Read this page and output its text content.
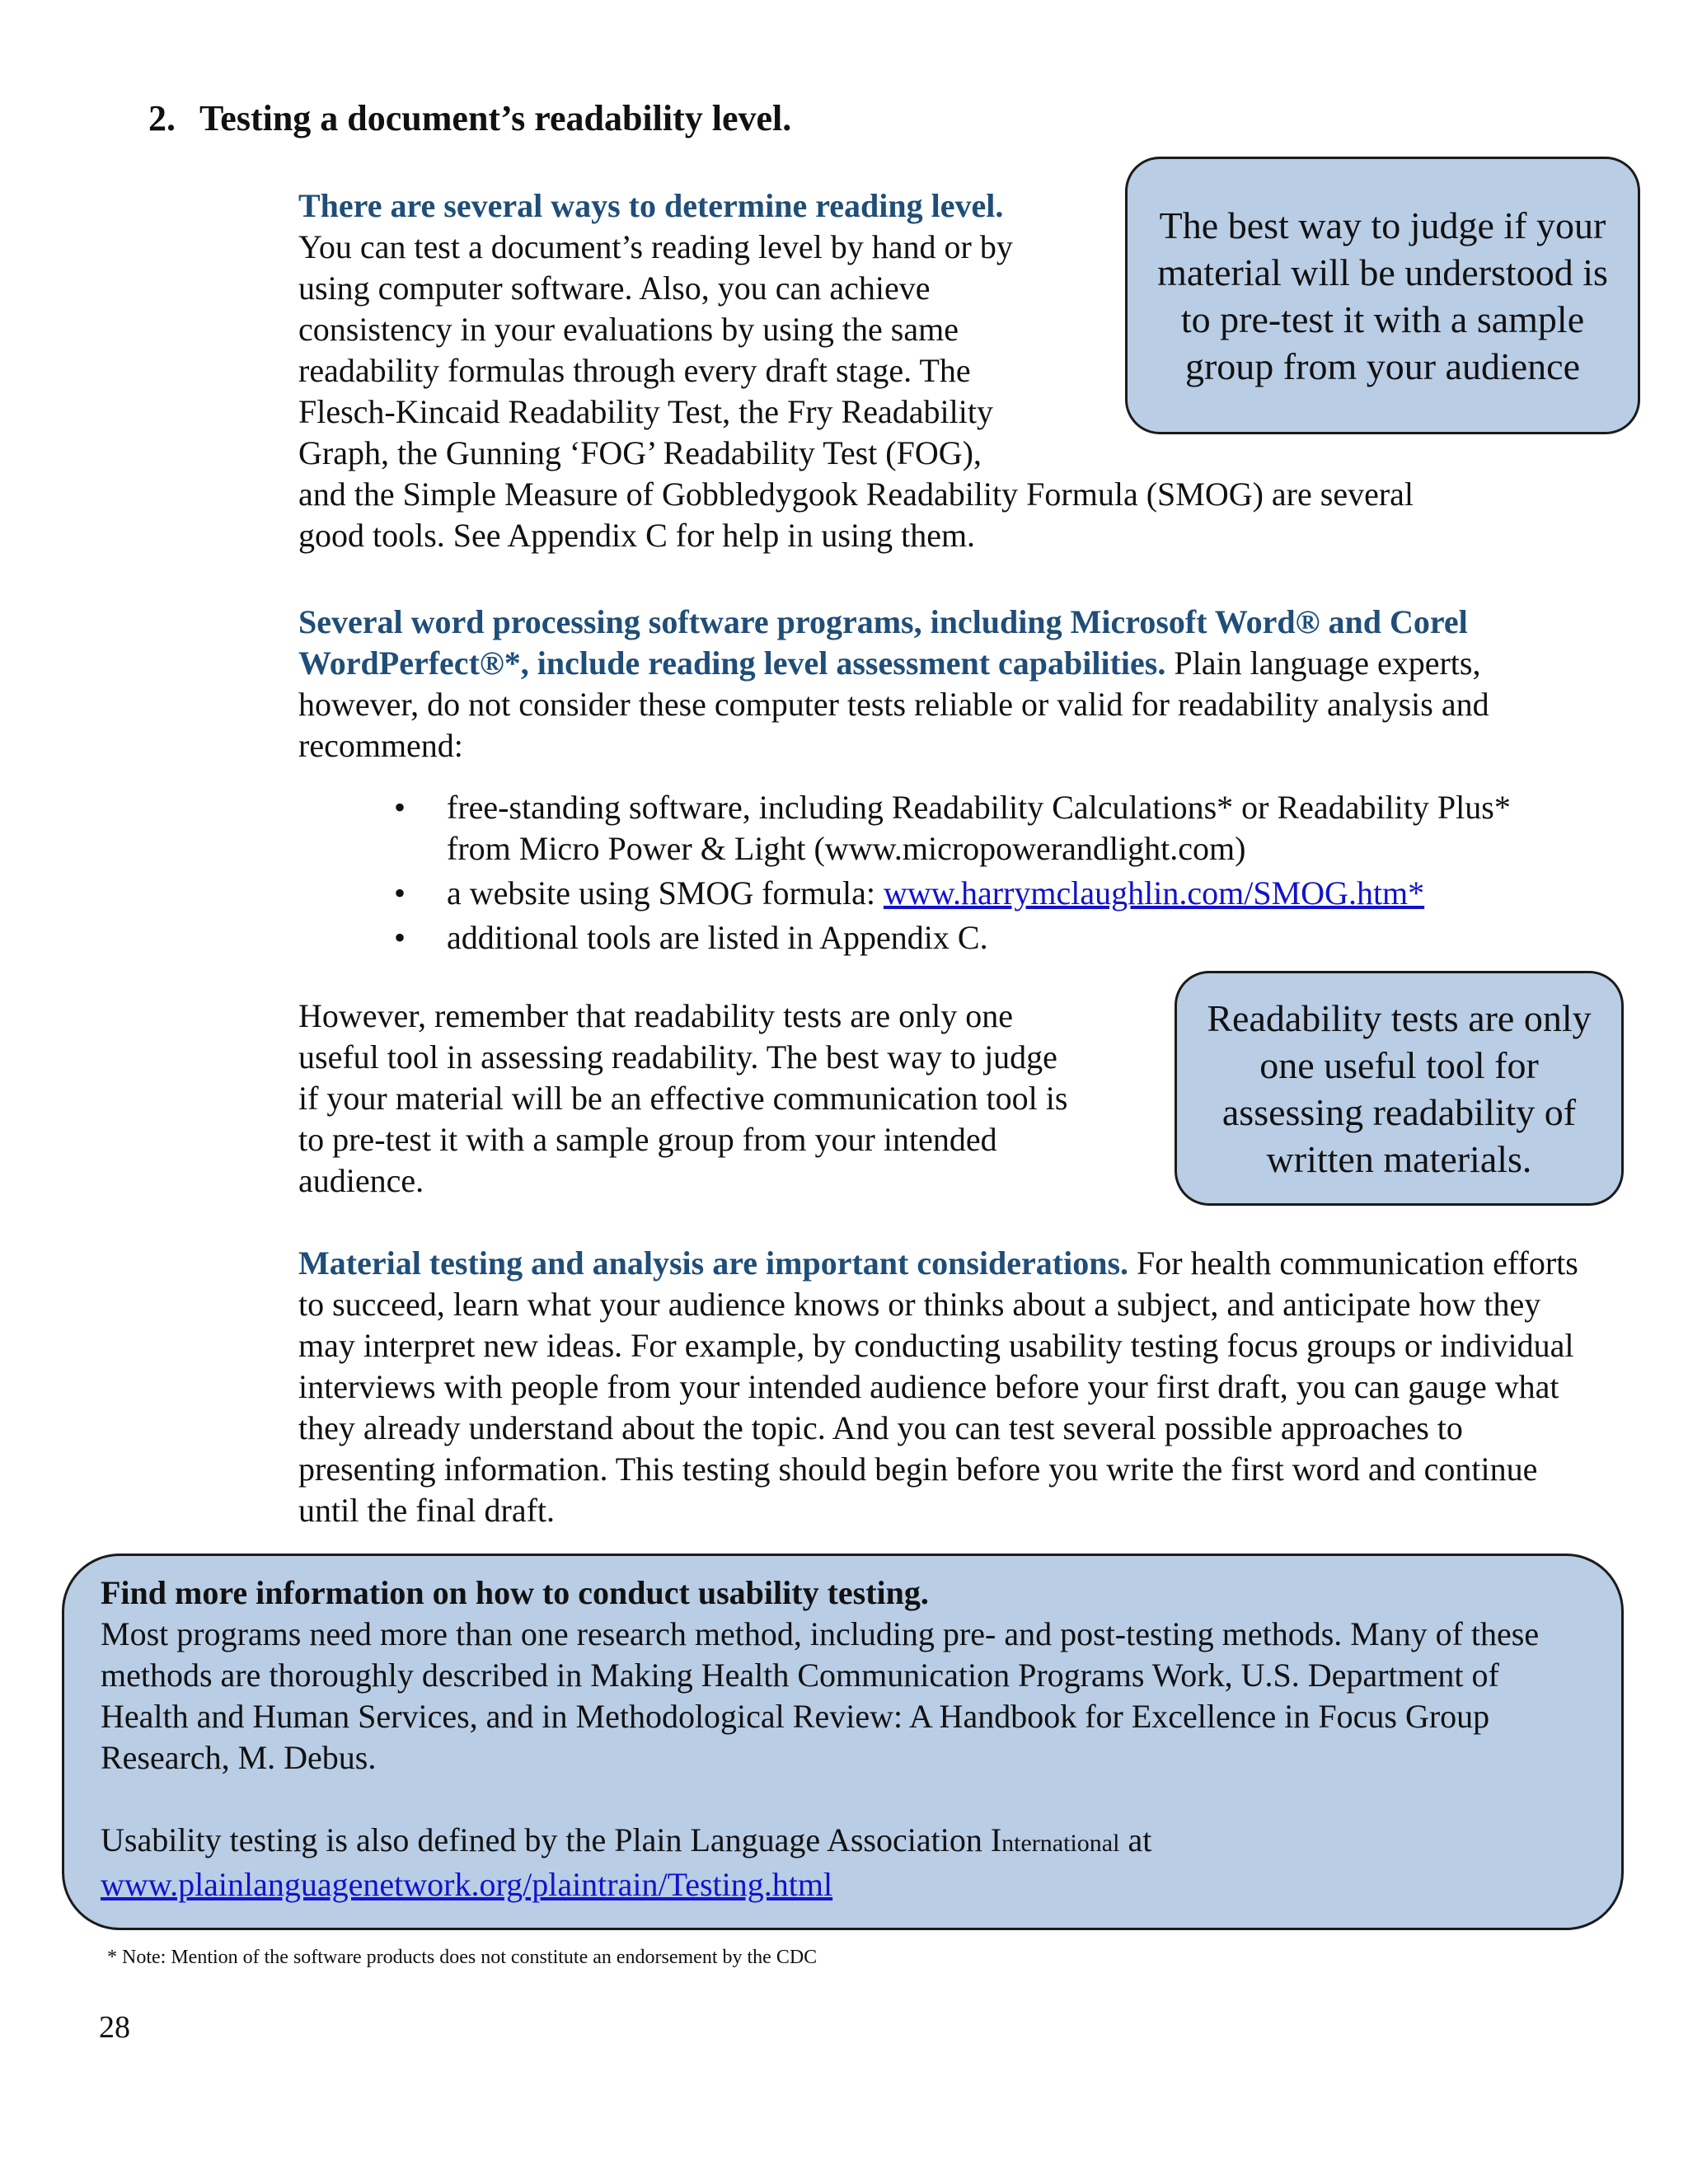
2. Testing a document’s readability level.
There are several ways to determine reading level.
You can test a document’s reading level by hand or by
using computer software. Also, you can achieve
consistency in your evaluations by using the same
readability formulas through every draft stage. The
Flesch-Kincaid Readability Test, the Fry Readability
Graph, the Gunning ‘FOG’ Readability Test (FOG),
and the Simple Measure of Gobbledygook Readability Formula (SMOG) are several
good tools. See Appendix C for help in using them.
The best way to judge if your material will be understood is to pre-test it with a sample group from your audience

Several word processing software programs, including Microsoft Word® and Corel WordPerfect®*, include reading level assessment capabilities. Plain language experts, however, do not consider these computer tests reliable or valid for readability analysis and recommend:

• free-standing software, including Readability Calculations* or Readability Plus* from Micro Power & Light (www.micropowerandlight.com)
• a website using SMOG formula: www.harrymclaughlin.com/SMOG.htm*
• additional tools are listed in Appendix C.
However, remember that readability tests are only one
useful tool in assessing readability. The best way to judge
if your material will be an effective communication tool is
to pre-test it with a sample group from your intended
audience.
Readability tests are only one useful tool for assessing readability of written materials.

Material testing and analysis are important considerations. For health communication efforts to succeed, learn what your audience knows or thinks about a subject, and anticipate how they may interpret new ideas. For example, by conducting usability testing focus groups or individual interviews with people from your intended audience before your first draft, you can gauge what they already understand about the topic. And you can test several possible approaches to presenting information. This testing should begin before you write the first word and continue until the final draft.

Find more information on how to conduct usability testing.
Most programs need more than one research method, including pre- and post-testing methods. Many of these methods are thoroughly described in Making Health Communication Programs Work, U.S. Department of Health and Human Services, and in Methodological Review: A Handbook for Excellence in Focus Group Research, M. Debus.
Usability testing is also defined by the Plain Language Association International at
www.plainlanguagenetwork.org/plaintrain/Testing.html
* Note: Mention of the software products does not constitute an endorsement by the CDC
28
